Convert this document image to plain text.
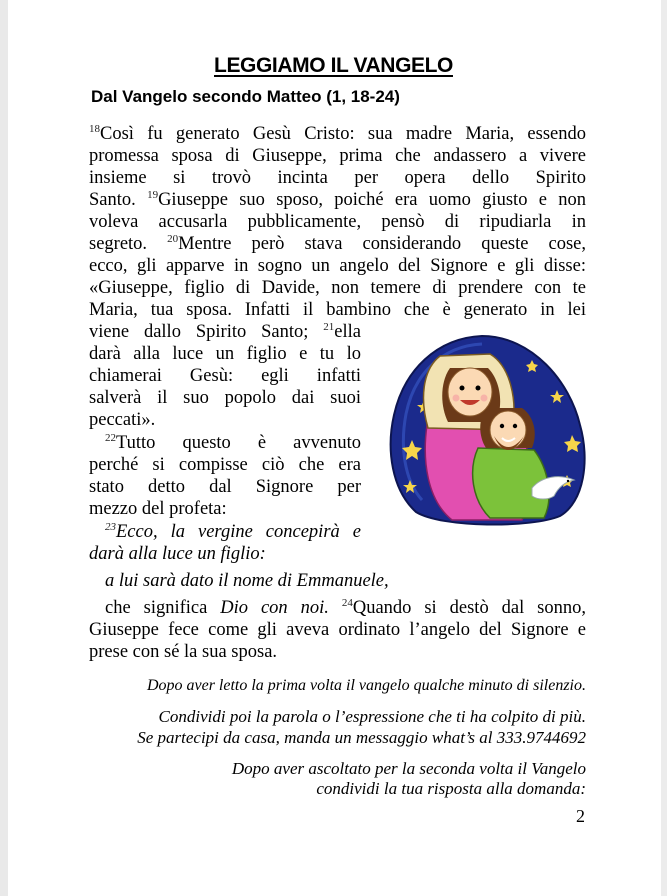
LEGGIAMO IL VANGELO
Dal Vangelo secondo Matteo (1, 18-24)
$^{18}$Così fu generato Gesù Cristo: sua madre Maria, essendo
promessa sposa di Giuseppe, prima che andassero a vivere
insieme si trovò incinta per opera dello Spirito
Santo. $^{19}$Giuseppe suo sposo, poiché era uomo giusto e non
voleva accusarla pubblicamente, pensò di ripudiarla in
segreto. $^{20}$Mentre però stava considerando queste cose,
ecco, gli apparve in sogno un angelo del Signore e gli disse:
«Giuseppe, figlio di Davide, non temere di prendere con te
Maria, tua sposa. Infatti il bambino che è generato in lei
viene dallo Spirito Santo; $^{21}$ella
darà alla luce un figlio e tu lo
chiamerai Gesù: egli infatti
salverà il suo popolo dai suoi
peccati».
$^{22}$Tutto questo è avvenuto
perché si compisse ciò che era
stato detto dal Signore per
mezzo del profeta:
$^{23}$Ecco, la vergine concepirà e
darà alla luce un figlio:
a lui sarà dato il nome di Emmanuele,
che significa Dio con noi. $^{24}$Quando si destò dal sonno,
Giuseppe fece come gli aveva ordinato l’angelo del Signore e
prese con sé la sua sposa.
Dopo aver letto la prima volta il vangelo qualche minuto di silenzio.
Condividi poi la parola o l’espressione che ti ha colpito di più.
Se partecipi da casa, manda un messaggio what’s al 333.9744692
Dopo aver ascoltato per la seconda volta il Vangelo
condividi la tua risposta alla domanda:
2
